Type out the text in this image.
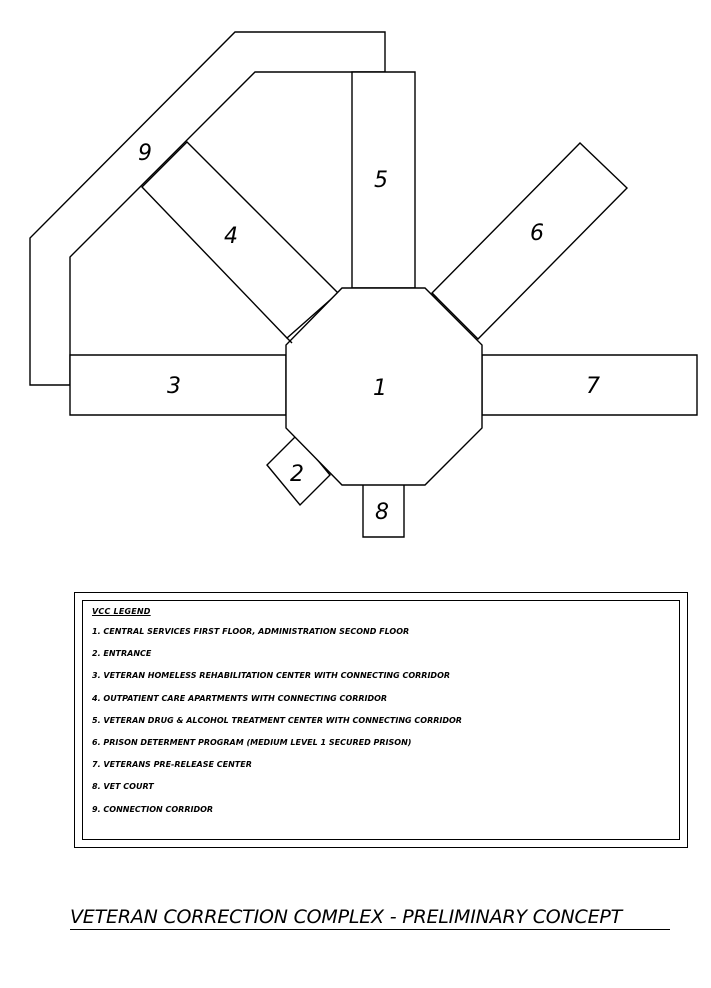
1
2
3
4
5
6
7
8
9
VCC LEGEND
1. CENTRAL SERVICES FIRST FLOOR, ADMINISTRATION SECOND FLOOR
2. ENTRANCE
3. VETERAN HOMELESS REHABILITATION CENTER WITH CONNECTING CORRIDOR
4. OUTPATIENT CARE APARTMENTS WITH CONNECTING CORRIDOR
5. VETERAN DRUG & ALCOHOL TREATMENT CENTER WITH CONNECTING CORRIDOR
6. PRISON DETERMENT PROGRAM (MEDIUM LEVEL 1 SECURED PRISON)
7. VETERANS PRE-RELEASE CENTER
8. VET COURT
9. CONNECTION CORRIDOR
VETERAN CORRECTION COMPLEX - PRELIMINARY CONCEPT
